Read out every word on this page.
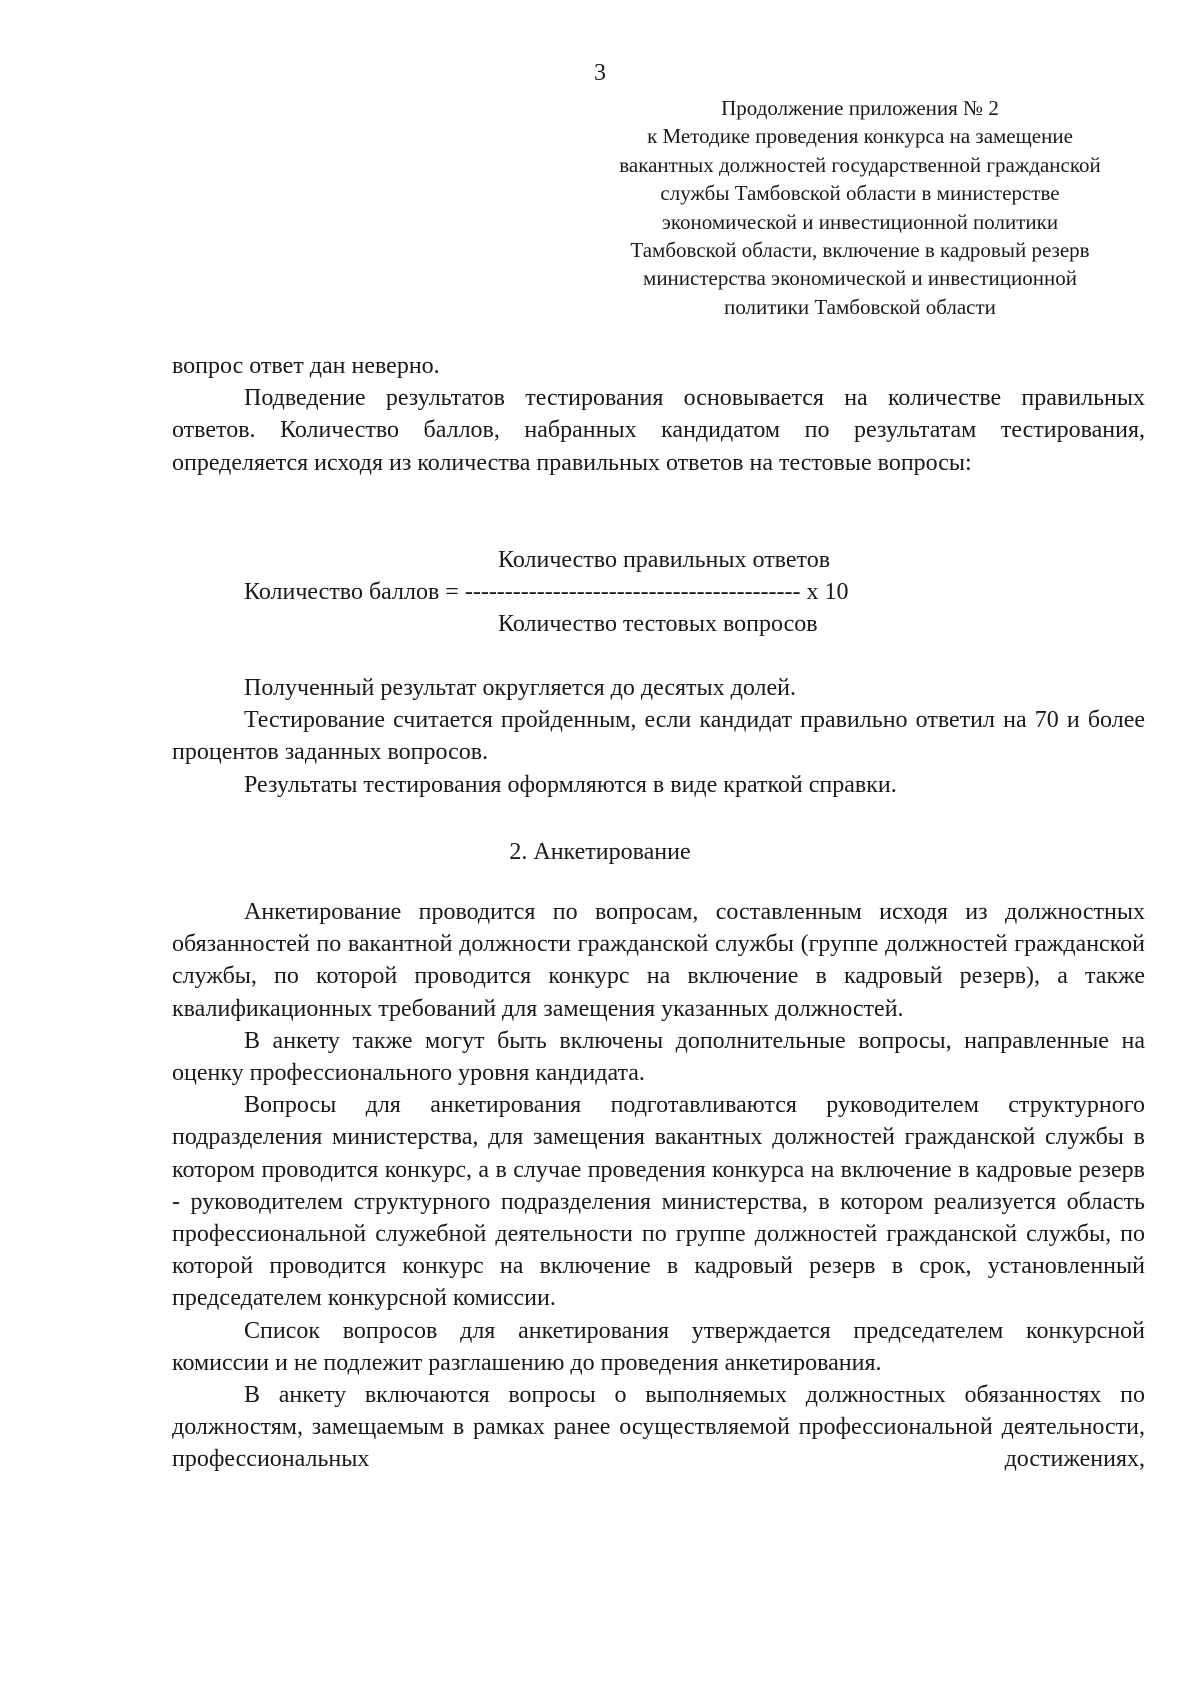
3
Продолжение приложения № 2
к Методике проведения конкурса на замещение
вакантных должностей государственной гражданской
службы Тамбовской области в министерстве
экономической и инвестиционной политики
Тамбовской области, включение в кадровый резерв
министерства экономической и инвестиционной
политики Тамбовской области

вопрос ответ дан неверно.

Подведение результатов тестирования основывается на количестве правильных ответов. Количество баллов, набранных кандидатом по результатам тестирования, определяется исходя из количества правильных ответов на тестовые вопросы:

Количество правильных ответов
Количество баллов = ------------------------------------------ х 10
Количество тестовых вопросов

Полученный результат округляется до десятых долей.

Тестирование считается пройденным, если кандидат правильно ответил на 70 и более процентов заданных вопросов.

Результаты тестирования оформляются в виде краткой справки.

2. Анкетирование

Анкетирование проводится по вопросам, составленным исходя из должностных обязанностей по вакантной должности гражданской службы (группе должностей гражданской службы, по которой проводится конкурс на включение в кадровый резерв), а также квалификационных требований для замещения указанных должностей.

В анкету также могут быть включены дополнительные вопросы, направленные на оценку профессионального уровня кандидата.

Вопросы для анкетирования подготавливаются руководителем структурного подразделения министерства, для замещения вакантных должностей гражданской службы в котором проводится конкурс, а в случае проведения конкурса на включение в кадровые резерв - руководителем структурного подразделения министерства, в котором реализуется область профессиональной служебной деятельности по группе должностей гражданской службы, по которой проводится конкурс на включение в кадровый резерв в срок, установленный председателем конкурсной комиссии.

Список вопросов для анкетирования утверждается председателем конкурсной комиссии и не подлежит разглашению до проведения анкетирования.

В анкету включаются вопросы о выполняемых должностных обязанностях по должностям, замещаемым в рамках ранее осуществляемой профессиональной деятельности, профессиональных достижениях,
